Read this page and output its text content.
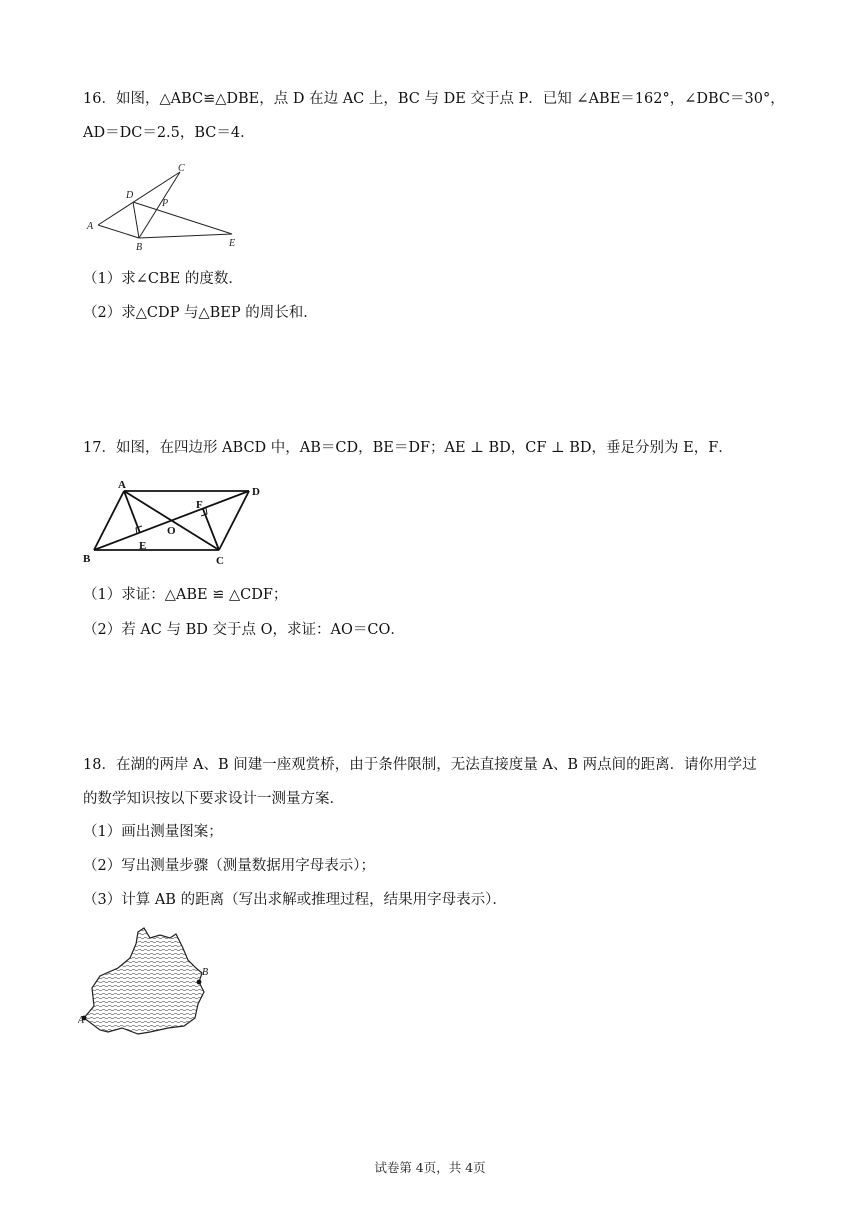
16．如图，△ABC≌△DBE，点 D 在边 AC 上，BC 与 DE 交于点 P．已知 ∠ABE＝162°，∠DBC＝30°，
AD＝DC＝2.5，BC＝4．
A
B
C
D
E
P
（1）求∠CBE 的度数．
（2）求△CDP 与△BEP 的周长和．
17．如图，在四边形 ABCD 中，AB＝CD，BE＝DF；AE ⊥ BD，CF ⊥ BD，垂足分别为 E，F．
A
B	C
D
E
F
O
（1）求证：△ABE ≌ △CDF；
（2）若 AC 与 BD 交于点 O，求证：AO＝CO．
18．在湖的两岸 A、B 间建一座观赏桥，由于条件限制，无法直接度量 A、B 两点间的距离．请你用学过
的数学知识按以下要求设计一测量方案．
（1）画出测量图案；
（2）写出测量步骤（测量数据用字母表示）；
（3）计算 AB 的距离（写出求解或推理过程，结果用字母表示）．
B
A
试卷第 4页，共 4页
